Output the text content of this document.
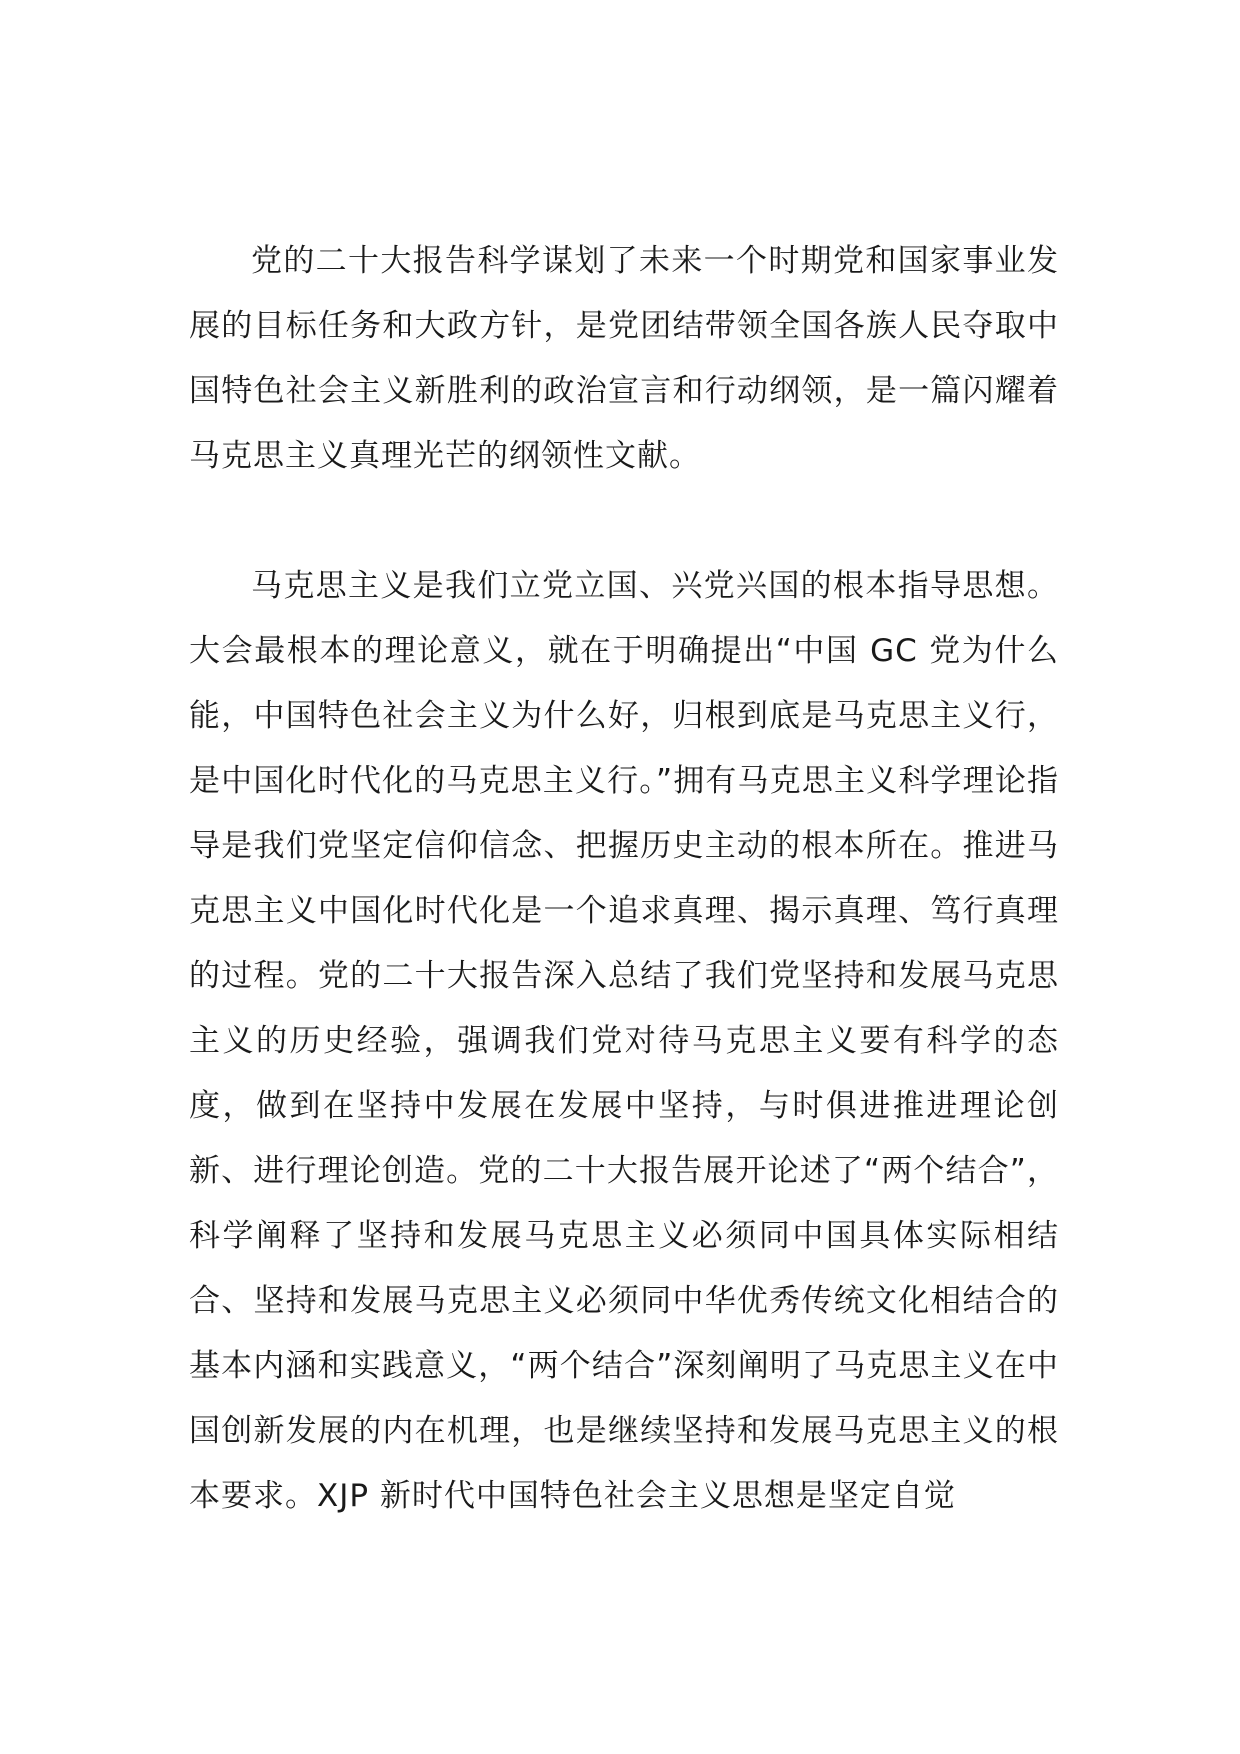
党的二十大报告科学谋划了未来一个时期党和国家事业发展的目标任务和大政方针，是党团结带领全国各族人民夺取中国特色社会主义新胜利的政治宣言和行动纲领，是一篇闪耀着马克思主义真理光芒的纲领性文献。

马克思主义是我们立党立国、兴党兴国的根本指导思想。大会最根本的理论意义，就在于明确提出“中国 GC 党为什么能，中国特色社会主义为什么好，归根到底是马克思主义行，是中国化时代化的马克思主义行。”拥有马克思主义科学理论指导是我们党坚定信仰信念、把握历史主动的根本所在。推进马克思主义中国化时代化是一个追求真理、揭示真理、笃行真理的过程。党的二十大报告深入总结了我们党坚持和发展马克思主义的历史经验，强调我们党对待马克思主义要有科学的态度，做到在坚持中发展在发展中坚持，与时俱进推进理论创新、进行理论创造。党的二十大报告展开论述了“两个结合”，科学阐释了坚持和发展马克思主义必须同中国具体实际相结合、坚持和发展马克思主义必须同中华优秀传统文化相结合的基本内涵和实践意义，“两个结合”深刻阐明了马克思主义在中国创新发展的内在机理，也是继续坚持和发展马克思主义的根本要求。XJP 新时代中国特色社会主义思想是坚定自觉
